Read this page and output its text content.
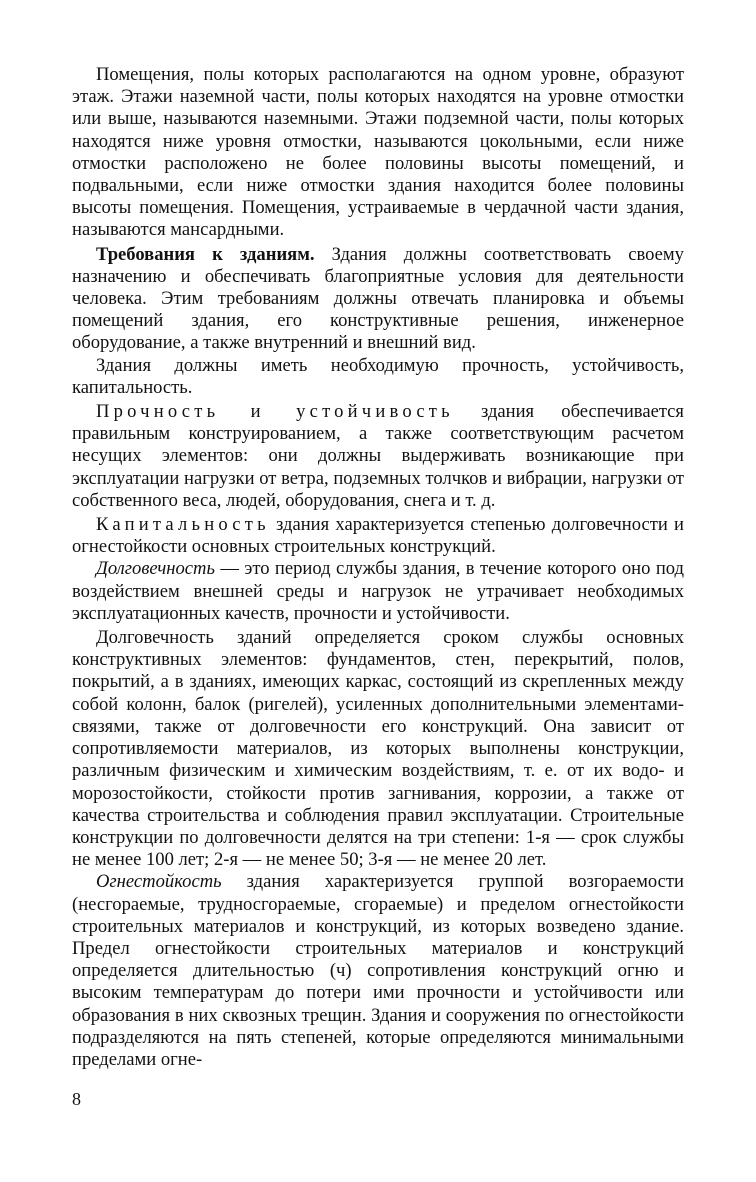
Помещения, полы которых располагаются на одном уровне, образуют этаж. Этажи наземной части, полы которых находятся на уровне отмостки или выше, называются наземными. Этажи подземной части, полы которых находятся ниже уровня отмостки, называются цокольными, если ниже отмостки расположено не более половины высоты помещений, и подвальными, если ниже отмостки здания находится более половины высоты помещения. Помещения, устраиваемые в чердачной части здания, называются мансардными.

Требования к зданиям. Здания должны соответствовать своему назначению и обеспечивать благоприятные условия для деятельности человека. Этим требованиям должны отвечать планировка и объемы помещений здания, его конструктивные решения, инженерное оборудование, а также внутренний и внешний вид.

Здания должны иметь необходимую прочность, устойчивость, капитальность.

Прочность и устойчивость здания обеспечивается правильным конструированием, а также соответствующим расчетом несущих элементов: они должны выдерживать возникающие при эксплуатации нагрузки от ветра, подземных толчков и вибрации, нагрузки от собственного веса, людей, оборудования, снега и т. д.

Капитальность здания характеризуется степенью долговечности и огнестойкости основных строительных конструкций.

Долговечность — это период службы здания, в течение которого оно под воздействием внешней среды и нагрузок не утрачивает необходимых эксплуатационных качеств, прочности и устойчивости.

Долговечность зданий определяется сроком службы основных конструктивных элементов: фундаментов, стен, перекрытий, полов, покрытий, а в зданиях, имеющих каркас, состоящий из скрепленных между собой колонн, балок (ригелей), усиленных дополнительными элементами-связями, также от долговечности его конструкций. Она зависит от сопротивляемости материалов, из которых выполнены конструкции, различным физическим и химическим воздействиям, т. е. от их водо- и морозостойкости, стойкости против загнивания, коррозии, а также от качества строительства и соблюдения правил эксплуатации. Строительные конструкции по долговечности делятся на три степени: 1-я — срок службы не менее 100 лет; 2-я — не менее 50; 3-я — не менее 20 лет.

Огнестойкость здания характеризуется группой возгораемости (несгораемые, трудносгораемые, сгораемые) и пределом огнестойкости строительных материалов и конструкций, из которых возведено здание. Предел огнестойкости строительных материалов и конструкций определяется длительностью (ч) сопротивления конструкций огню и высоким температурам до потери ими прочности и устойчивости или образования в них сквозных трещин. Здания и сооружения по огнестойкости подразделяются на пять степеней, которые определяются минимальными пределами огне-

8
